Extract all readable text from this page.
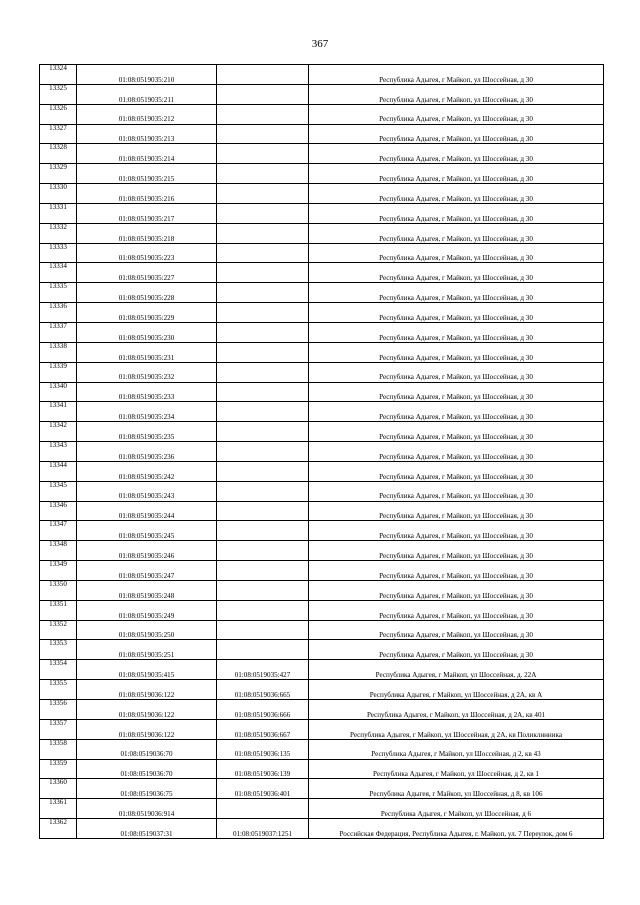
367
13324	01:08:0519035:210		Республика Адыгея, г Майкоп, ул Шоссейная, д 30
13325	01:08:0519035:211		Республика Адыгея, г Майкоп, ул Шоссейная, д 30
13326	01:08:0519035:212		Республика Адыгея, г Майкоп, ул Шоссейная, д 30
13327	01:08:0519035:213		Республика Адыгея, г Майкоп, ул Шоссейная, д 30
13328	01:08:0519035:214		Республика Адыгея, г Майкоп, ул Шоссейная, д 30
13329	01:08:0519035:215		Республика Адыгея, г Майкоп, ул Шоссейная, д 30
13330	01:08:0519035:216		Республика Адыгея, г Майкоп, ул Шоссейная, д 30
13331	01:08:0519035:217		Республика Адыгея, г Майкоп, ул Шоссейная, д 30
13332	01:08:0519035:218		Республика Адыгея, г Майкоп, ул Шоссейная, д 30
13333	01:08:0519035:223		Республика Адыгея, г Майкоп, ул Шоссейная, д 30
13334	01:08:0519035:227		Республика Адыгея, г Майкоп, ул Шоссейная, д 30
13335	01:08:0519035:228		Республика Адыгея, г Майкоп, ул Шоссейная, д 30
13336	01:08:0519035:229		Республика Адыгея, г Майкоп, ул Шоссейная, д 30
13337	01:08:0519035:230		Республика Адыгея, г Майкоп, ул Шоссейная, д 30
13338	01:08:0519035:231		Республика Адыгея, г Майкоп, ул Шоссейная, д 30
13339	01:08:0519035:232		Республика Адыгея, г Майкоп, ул Шоссейная, д 30
13340	01:08:0519035:233		Республика Адыгея, г Майкоп, ул Шоссейная, д 30
13341	01:08:0519035:234		Республика Адыгея, г Майкоп, ул Шоссейная, д 30
13342	01:08:0519035:235		Республика Адыгея, г Майкоп, ул Шоссейная, д 30
13343	01:08:0519035:236		Республика Адыгея, г Майкоп, ул Шоссейная, д 30
13344	01:08:0519035:242		Республика Адыгея, г Майкоп, ул Шоссейная, д 30
13345	01:08:0519035:243		Республика Адыгея, г Майкоп, ул Шоссейная, д 30
13346	01:08:0519035:244		Республика Адыгея, г Майкоп, ул Шоссейная, д 30
13347	01:08:0519035:245		Республика Адыгея, г Майкоп, ул Шоссейная, д 30
13348	01:08:0519035:246		Республика Адыгея, г Майкоп, ул Шоссейная, д 30
13349	01:08:0519035:247		Республика Адыгея, г Майкоп, ул Шоссейная, д 30
13350	01:08:0519035:248		Республика Адыгея, г Майкоп, ул Шоссейная, д 30
13351	01:08:0519035:249		Республика Адыгея, г Майкоп, ул Шоссейная, д 30
13352	01:08:0519035:250		Республика Адыгея, г Майкоп, ул Шоссейная, д 30
13353	01:08:0519035:251		Республика Адыгея, г Майкоп, ул Шоссейная, д 30
13354	01:08:0519035:415	01:08:0519035:427	Республика Адыгея, г Майкоп, ул Шоссейная, д. 22А
13355	01:08:0519036:122	01:08:0519036:665	Республика Адыгея, г Майкоп, ул Шоссейная, д 2А, кв А
13356	01:08:0519036:122	01:08:0519036:666	Республика Адыгея, г Майкоп, ул Шоссейная, д 2А, кв 401
13357	01:08:0519036:122	01:08:0519036:667	Республика Адыгея, г Майкоп, ул Шоссейная, д 2А, кв Поликлинника
13358	01:08:0519036:70	01:08:0519036:135	Республика Адыгея, г Майкоп, ул Шоссейная, д 2, кв 43
13359	01:08:0519036:70	01:08:0519036:139	Республика Адыгея, г Майкоп, ул Шоссейная, д 2, кв 1
13360	01:08:0519036:75	01:08:0519036:401	Республика Адыгея, г Майкоп, ул Шоссейная, д 8, кв 106
13361	01:08:0519036:914		Республика Адыгея, г Майкоп, ул Шоссейная, д 6
13362	01:08:0519037:31	01:08:0519037:1251	Российская Федерация, Республика Адыгея, г. Майкоп, ул. 7 Переулок, дом 6
